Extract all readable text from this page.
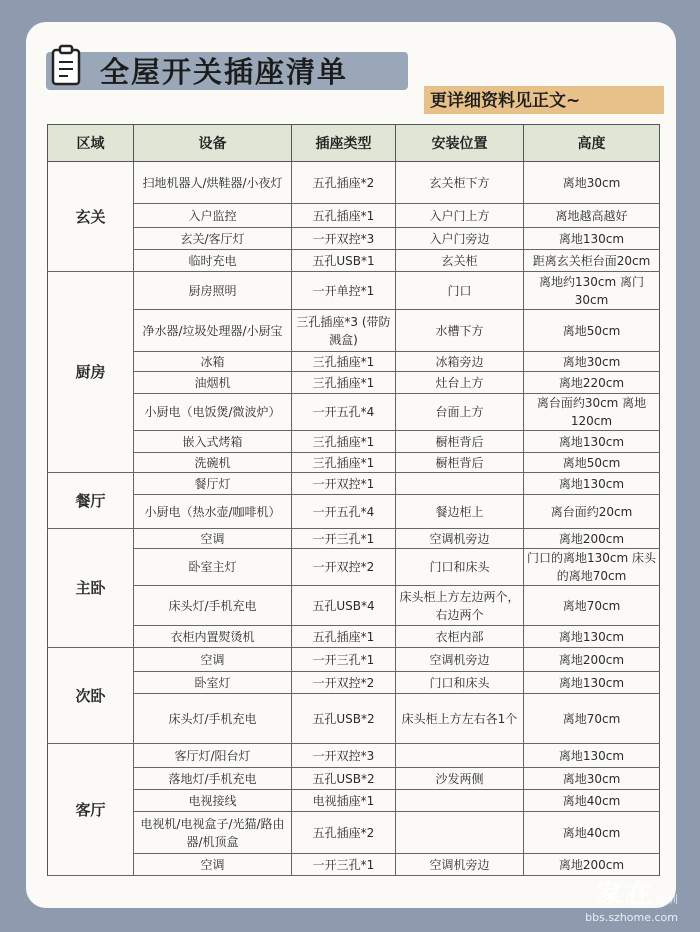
全屋开关插座清单
更详细资料见正文~
区域	设备	插座类型	安装位置	高度
玄关	扫地机器人/烘鞋器/小夜灯	五孔插座*2	玄关柜下方	离地30cm
	入户监控	五孔插座*1	入户门上方	离地越高越好
	玄关/客厅灯	一开双控*3	入户门旁边	离地130cm
	临时充电	五孔USB*1	玄关柜	距离玄关柜台面20cm
厨房	厨房照明	一开单控*1	门口	离地约130cm 离门30cm
	净水器/垃圾处理器/小厨宝	三孔插座*3 (带防溅盒)	水槽下方	离地50cm
	冰箱	三孔插座*1	冰箱旁边	离地30cm
	油烟机	三孔插座*1	灶台上方	离地220cm
	小厨电（电饭煲/微波炉）	一开五孔*4	台面上方	离台面约30cm 离地120cm
	嵌入式烤箱	三孔插座*1	橱柜背后	离地130cm
	洗碗机	三孔插座*1	橱柜背后	离地50cm
餐厅	餐厅灯	一开双控*1		离地130cm
	小厨电（热水壶/咖啡机）	一开五孔*4	餐边柜上	离台面约20cm
主卧	空调	一开三孔*1	空调机旁边	离地200cm
	卧室主灯	一开双控*2	门口和床头	门口的离地130cm 床头的离地70cm
	床头灯/手机充电	五孔USB*4	床头柜上方左边两个，右边两个	离地70cm
	衣柜内置熨烫机	五孔插座*1	衣柜内部	离地130cm
次卧	空调	一开三孔*1	空调机旁边	离地200cm
	卧室灯	一开双控*2	门口和床头	离地130cm
	床头灯/手机充电	五孔USB*2	床头柜上方左右各1个	离地70cm
客厅	客厅灯/阳台灯	一开双控*3		离地130cm
	落地灯/手机充电	五孔USB*2	沙发两侧	离地30cm
	电视接线	电视插座*1		离地40cm
	电视机/电视盒子/光猫/路由器/机顶盒	五孔插座*2		离地40cm
	空调	一开三孔*1	空调机旁边	离地200cm
家在深圳
bbs.szhome.com
